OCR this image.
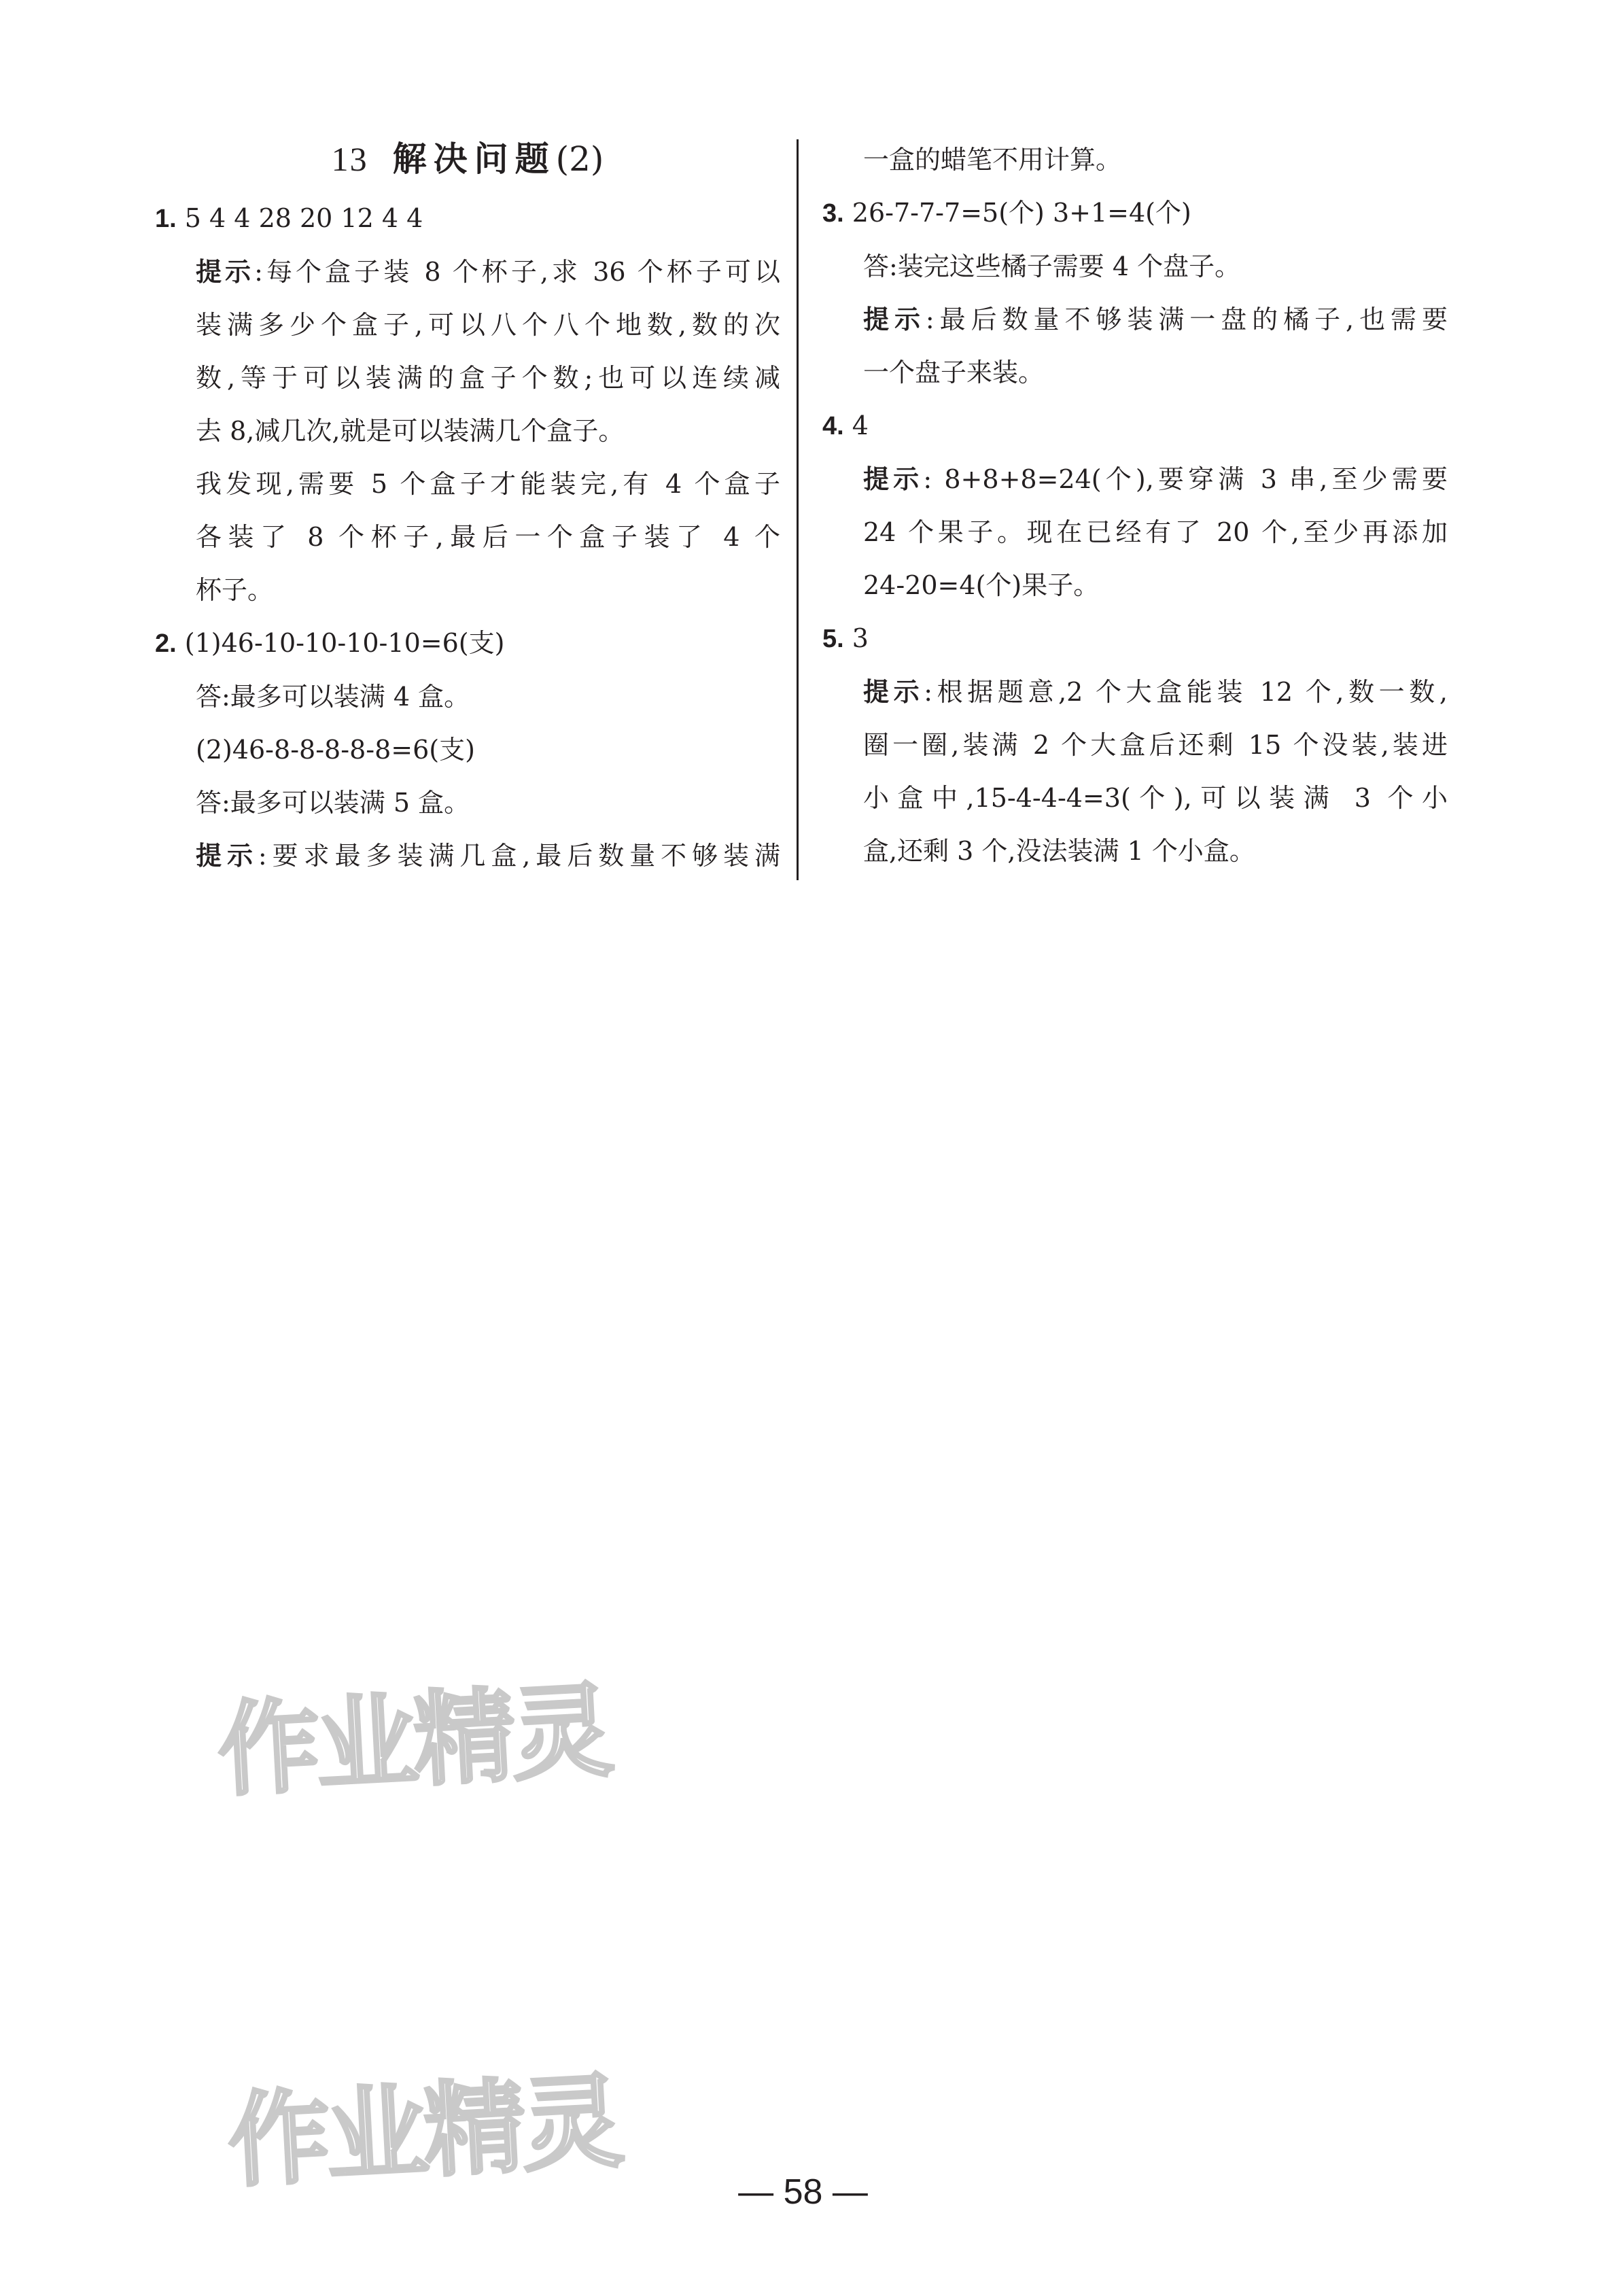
13 解决问题(2)
1. 5 4 4 28 20 12 4 4
提示:每个盒子装 8 个杯子,求 36 个杯子可以
装满多少个盒子,可以八个八个地数,数的次
数,等于可以装满的盒子个数;也可以连续减
去 8,减几次,就是可以装满几个盒子。
我发现,需要 5 个盒子才能装完,有 4 个盒子
各装了 8 个杯子,最后一个盒子装了 4 个
杯子。
2. (1)46-10-10-10-10=6(支)
答:最多可以装满 4 盒。
(2)46-8-8-8-8-8=6(支)
答:最多可以装满 5 盒。
提示:要求最多装满几盒,最后数量不够装满
一盒的蜡笔不用计算。
3. 26-7-7-7=5(个) 3+1=4(个)
答:装完这些橘子需要 4 个盘子。
提示:最后数量不够装满一盘的橘子,也需要
一个盘子来装。
4. 4
提示: 8+8+8=24(个),要穿满 3 串,至少需要
24 个果子。现在已经有了 20 个,至少再添加
24-20=4(个)果子。
5. 3
提示:根据题意,2 个大盒能装 12 个,数一数,
圈一圈,装满 2 个大盒后还剩 15 个没装,装进
小盒中,15-4-4-4=3(个),可以装满 3 个小
盒,还剩 3 个,没法装满 1 个小盒。
作业精灵
作业精灵	— 58 —
